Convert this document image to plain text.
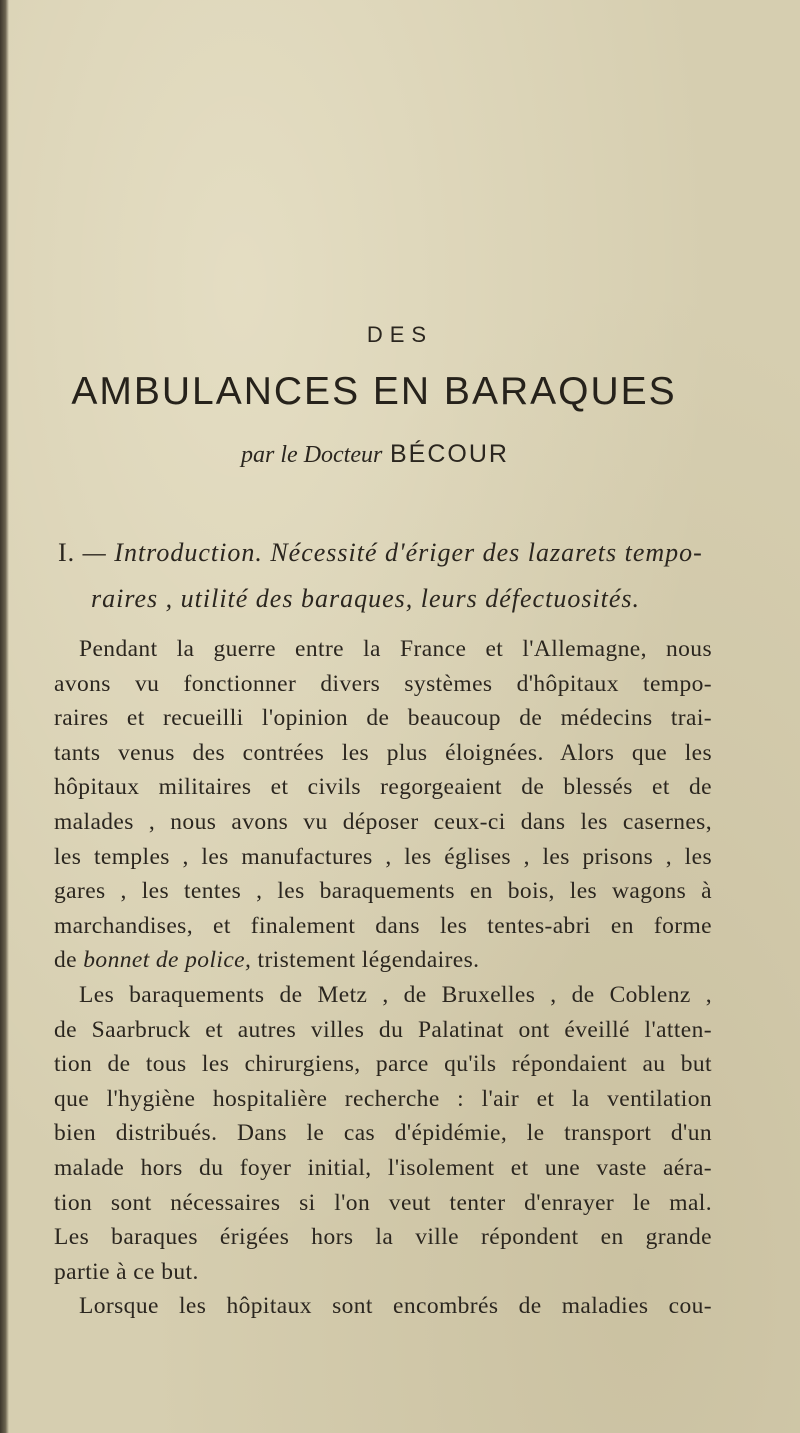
DES
AMBULANCES EN BARAQUES
par le Docteur BÉCOUR
I. — Introduction. Nécessité d'ériger des lazarets tempo-
raires , utilité des baraques, leurs défectuosités.
Pendant la guerre entre la France et l'Allemagne, nous
avons vu fonctionner divers systèmes d'hôpitaux tempo-
raires et recueilli l'opinion de beaucoup de médecins trai-
tants venus des contrées les plus éloignées. Alors que les
hôpitaux militaires et civils regorgeaient de blessés et de
malades , nous avons vu déposer ceux-ci dans les casernes,
les temples , les manufactures , les églises , les prisons , les
gares , les tentes , les baraquements en bois, les wagons à
marchandises, et finalement dans les tentes-abri en forme
de bonnet de police, tristement légendaires.
Les baraquements de Metz , de Bruxelles , de Coblenz ,
de Saarbruck et autres villes du Palatinat ont éveillé l'atten-
tion de tous les chirurgiens, parce qu'ils répondaient au but
que l'hygiène hospitalière recherche : l'air et la ventilation
bien distribués. Dans le cas d'épidémie, le transport d'un
malade hors du foyer initial, l'isolement et une vaste aéra-
tion sont nécessaires si l'on veut tenter d'enrayer le mal.
Les baraques érigées hors la ville répondent en grande
partie à ce but.
Lorsque les hôpitaux sont encombrés de maladies cou-
